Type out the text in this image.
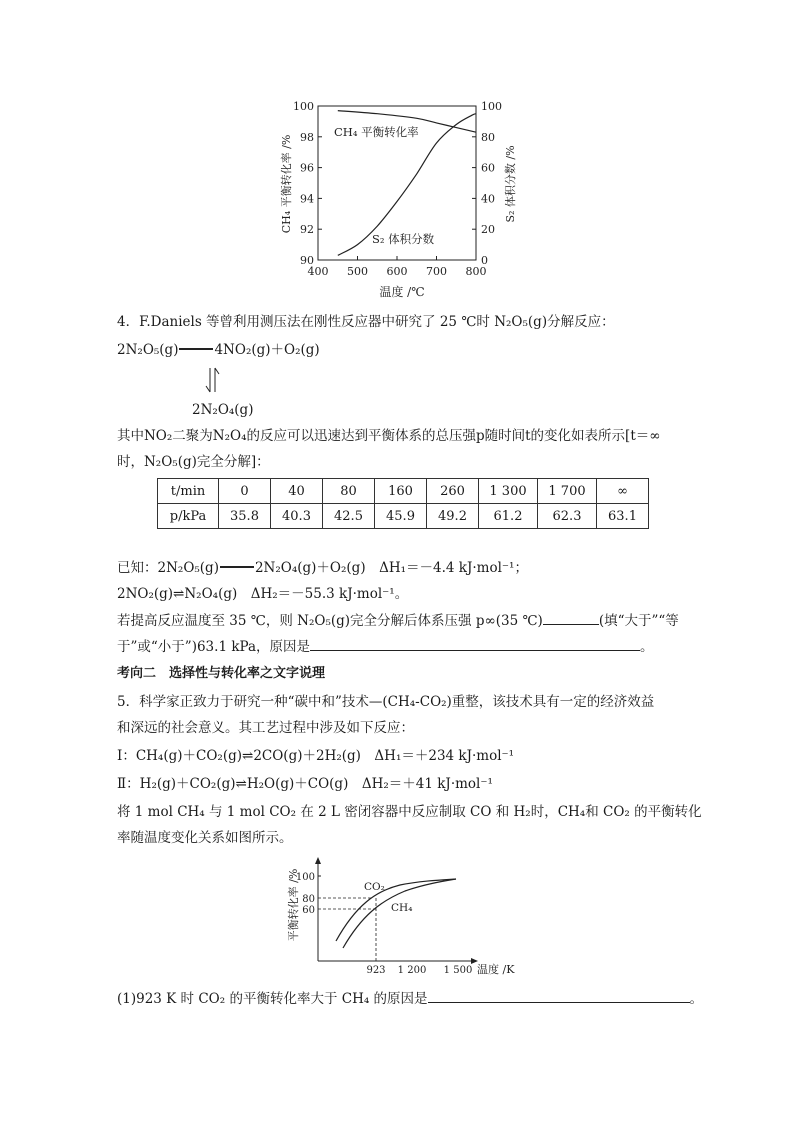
90
92
94
96
98
100
0
20
40
60
80
100
400 500 600 700 800
CH₄ 平衡转化率
S₂ 体积分数
温度 /℃
CH₄ 平衡转化率 /%	S₂ 体积分数 /%
4．F.Daniels 等曾利用测压法在刚性反应器中研究了 25 ℃时 N₂O₅(g)分解反应：
2N₂O₅(g)	4NO₂(g)＋O₂(g)
2N₂O₄(g)
其中NO₂二聚为N₂O₄的反应可以迅速达到平衡体系的总压强p随时间t的变化如表所示[t＝∞
时，N₂O₅(g)完全分解]：
t/min	0	40	80	160	260	1 300	1 700	∞
p/kPa	35.8	40.3	42.5	45.9	49.2	61.2	62.3	63.1
已知：2N₂O₅(g)	2N₂O₄(g)＋O₂(g)　ΔH₁＝－4.4 kJ·mol⁻¹；
2NO₂(g)⇌N₂O₄(g)　ΔH₂＝－55.3 kJ·mol⁻¹。
若提高反应温度至 35 ℃，则 N₂O₅(g)完全分解后体系压强 p∞(35 ℃)	(填“大于”“等
于”或“小于”)63.1 kPa，原因是	。
考向二　选择性与转化率之文字说理
5．科学家正致力于研究一种“碳中和”技术—(CH₄-CO₂)重整，该技术具有一定的经济效益
和深远的社会意义。其工艺过程中涉及如下反应：
Ⅰ：CH₄(g)＋CO₂(g)⇌2CO(g)＋2H₂(g)　ΔH₁＝＋234 kJ·mol⁻¹
Ⅱ：H₂(g)＋CO₂(g)⇌H₂O(g)＋CO(g)　ΔH₂＝＋41 kJ·mol⁻¹
将 1 mol CH₄ 与 1 mol CO₂ 在 2 L 密闭容器中反应制取 CO 和 H₂时，CH₄和 CO₂ 的平衡转化
率随温度变化关系如图所示。
100
80
60
923 1 200 1 500 温度 /K
CO₂
CH₄
平衡转化率 /%
(1)923 K 时 CO₂ 的平衡转化率大于 CH₄ 的原因是	。
